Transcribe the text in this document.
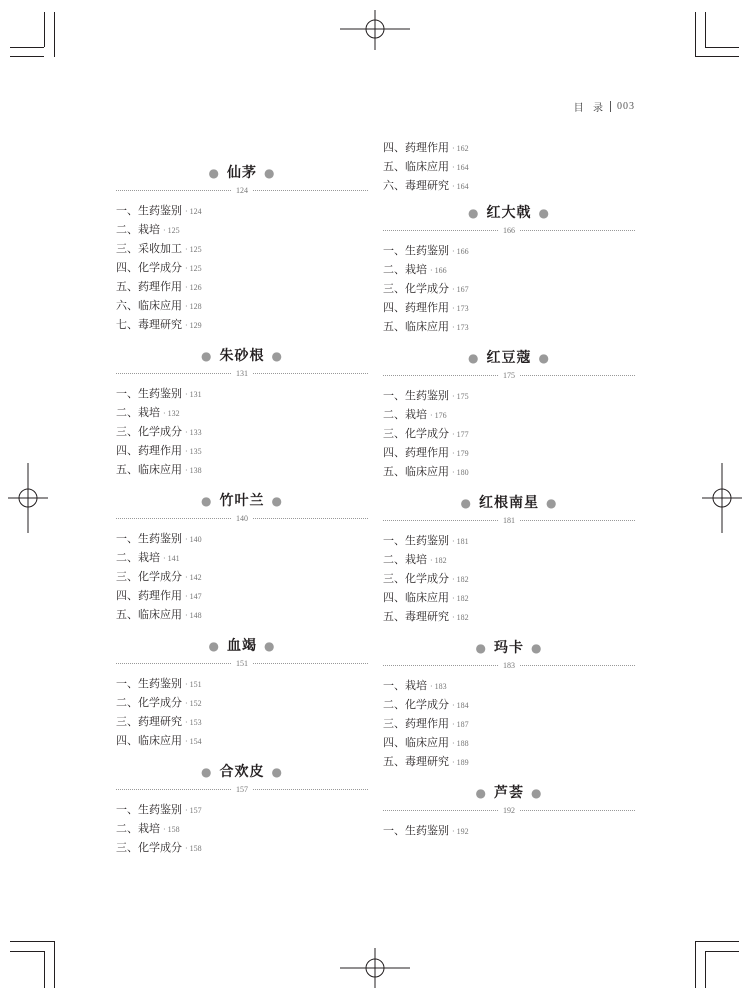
目  录 003
● 仙茅 ●
124
一、生药鉴别 · 124
二、栽培 · 125
三、采收加工 · 125
四、化学成分 · 125
五、药理作用 · 126
六、临床应用 · 128
七、毒理研究 · 129
● 朱砂根 ●
131
一、生药鉴别 · 131
二、栽培 · 132
三、化学成分 · 133
四、药理作用 · 135
五、临床应用 · 138
● 竹叶兰 ●
140
一、生药鉴别 · 140
二、栽培 · 141
三、化学成分 · 142
四、药理作用 · 147
五、临床应用 · 148
● 血竭 ●
151
一、生药鉴别 · 151
二、化学成分 · 152
三、药理研究 · 153
四、临床应用 · 154
● 合欢皮 ●
157
一、生药鉴别 · 157
二、栽培 · 158
三、化学成分 · 158
四、药理作用 · 162
五、临床应用 · 164
六、毒理研究 · 164
● 红大戟 ●
166
一、生药鉴别 · 166
二、栽培 · 166
三、化学成分 · 167
四、药理作用 · 173
五、临床应用 · 173
● 红豆蔻 ●
175
一、生药鉴别 · 175
二、栽培 · 176
三、化学成分 · 177
四、药理作用 · 179
五、临床应用 · 180
● 红根南星 ●
181
一、生药鉴别 · 181
二、栽培 · 182
三、化学成分 · 182
四、临床应用 · 182
五、毒理研究 · 182
● 玛卡 ●
183
一、栽培 · 183
二、化学成分 · 184
三、药理作用 · 187
四、临床应用 · 188
五、毒理研究 · 189
● 芦荟 ●
192
一、生药鉴别 · 192
